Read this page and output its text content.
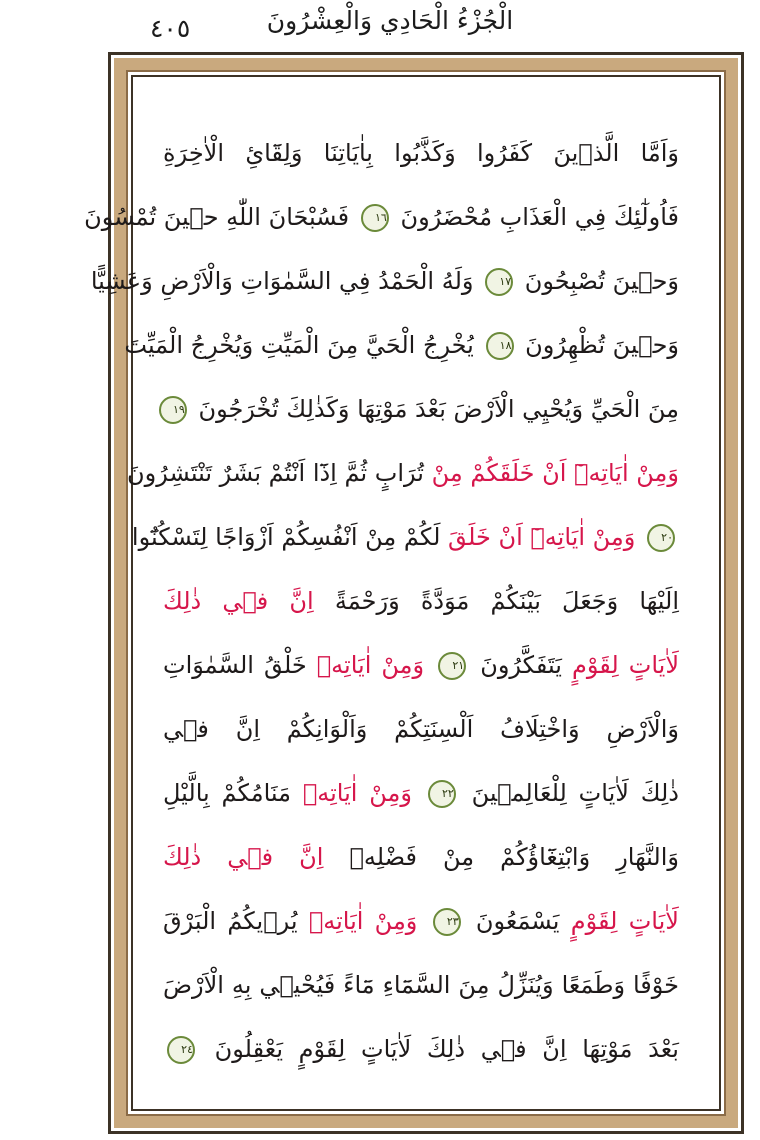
الْجُزْءُ الْحَادِي وَالْعِشْرُونَ
٤٠٥
وَاَمَّا الَّذٖينَ كَفَرُوا وَكَذَّبُوا بِاٰيَاتِنَا وَلِقَٓائِ الْاٰخِرَةِ
فَاُولٰٓئِكَ فِي الْعَذَابِ مُحْضَرُونَ ١٦ فَسُبْحَانَ اللّٰهِ حٖينَ تُمْسُونَ
وَحٖينَ تُصْبِحُونَ ١٧ وَلَهُ الْحَمْدُ فِي السَّمٰوَاتِ وَالْاَرْضِ وَعَشِيًّا
وَحٖينَ تُظْهِرُونَ ١٨ يُخْرِجُ الْحَيَّ مِنَ الْمَيِّتِ وَيُخْرِجُ الْمَيِّتَ
مِنَ الْحَيِّ وَيُحْيِي الْاَرْضَ بَعْدَ مَوْتِهَا وَكَذٰلِكَ تُخْرَجُونَ ١٩
وَمِنْ اٰيَاتِهٖٓ اَنْ خَلَقَكُمْ مِنْ تُرَابٍ ثُمَّ اِذَٓا اَنْتُمْ بَشَرٌ تَنْتَشِرُونَ
٢٠ وَمِنْ اٰيَاتِهٖٓ اَنْ خَلَقَ لَكُمْ مِنْ اَنْفُسِكُمْ اَزْوَاجًا لِتَسْكُنُٓوا
اِلَيْهَا وَجَعَلَ بَيْنَكُمْ مَوَدَّةً وَرَحْمَةً اِنَّ فٖي ذٰلِكَ
لَاٰيَاتٍ لِقَوْمٍ يَتَفَكَّرُونَ ٢١ وَمِنْ اٰيَاتِهٖ خَلْقُ السَّمٰوَاتِ
وَالْاَرْضِ وَاخْتِلَافُ اَلْسِنَتِكُمْ وَاَلْوَانِكُمْ اِنَّ فٖي
ذٰلِكَ لَاٰيَاتٍ لِلْعَالِمٖينَ ٢٢ وَمِنْ اٰيَاتِهٖ مَنَامُكُمْ بِالَّيْلِ
وَالنَّهَارِ وَابْتِغَٓاؤُكُمْ مِنْ فَضْلِهٖ اِنَّ فٖي ذٰلِكَ
لَاٰيَاتٍ لِقَوْمٍ يَسْمَعُونَ ٢٣ وَمِنْ اٰيَاتِهٖ يُرٖيكُمُ الْبَرْقَ
خَوْفًا وَطَمَعًا وَيُنَزِّلُ مِنَ السَّمَٓاءِ مَٓاءً فَيُحْيٖي بِهِ الْاَرْضَ
بَعْدَ مَوْتِهَا اِنَّ فٖي ذٰلِكَ لَاٰيَاتٍ لِقَوْمٍ يَعْقِلُونَ ٢٤
